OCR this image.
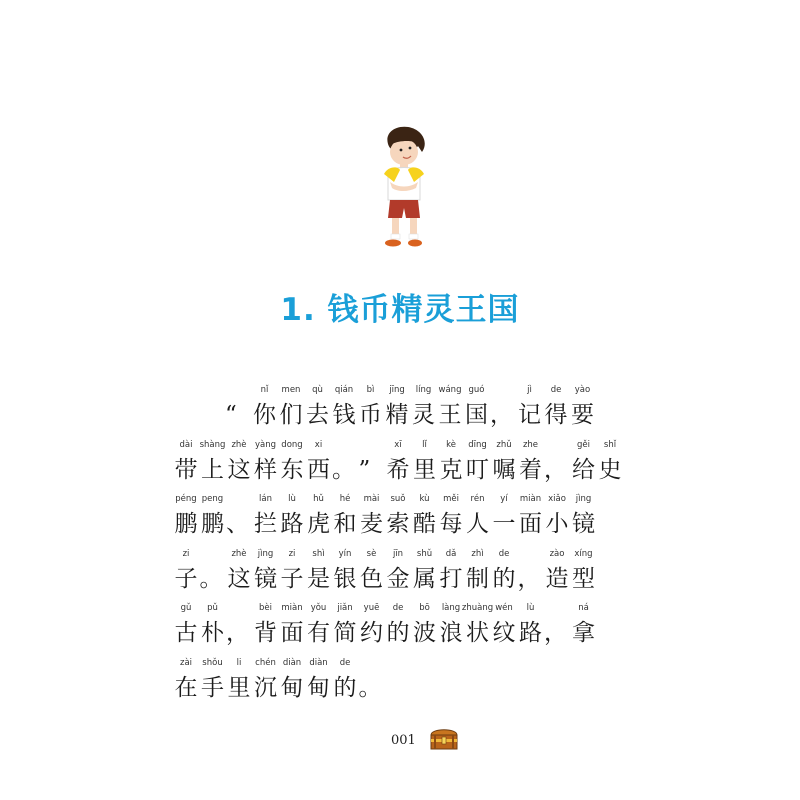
1. 钱币精灵王国
“
nǐ
你
men
们
qù
去
qián
钱
bì
币
jīng
精
líng
灵
wáng
王
guó
国 ，
jì
记
de
得
yào
要
dài
带
shàng
上
zhè
这
yàng
样
dong
东
xi
西 。 ”
xī
希
lǐ
里
kè
克
dīng
叮
zhǔ
嘱
zhe
着 ，
gěi
给
shǐ
史
péng
鹏
peng
鹏 、
lán
拦
lù
路
hǔ
虎
hé
和
mài
麦
suǒ
索
kù
酷
měi
每
rén
人
yí
一
miàn
面
xiǎo
小
jìng
镜
zi
子 。
zhè
这
jìng
镜
zi
子
shì
是
yín
银
sè
色
jīn
金
shǔ
属
dǎ
打
zhì
制
de
的 ，
zào
造
xíng
型
gǔ
古
pǔ
朴 ，
bèi
背
miàn
面
yǒu
有
jiǎn
简
yuē
约
de
的
bō
波
làng
浪
zhuàng
状
wén
纹
lù
路 ，
ná
拿
zài
在
shǒu
手
li
里
chén
沉
diàn
甸
diàn
甸
de
的 。
001
